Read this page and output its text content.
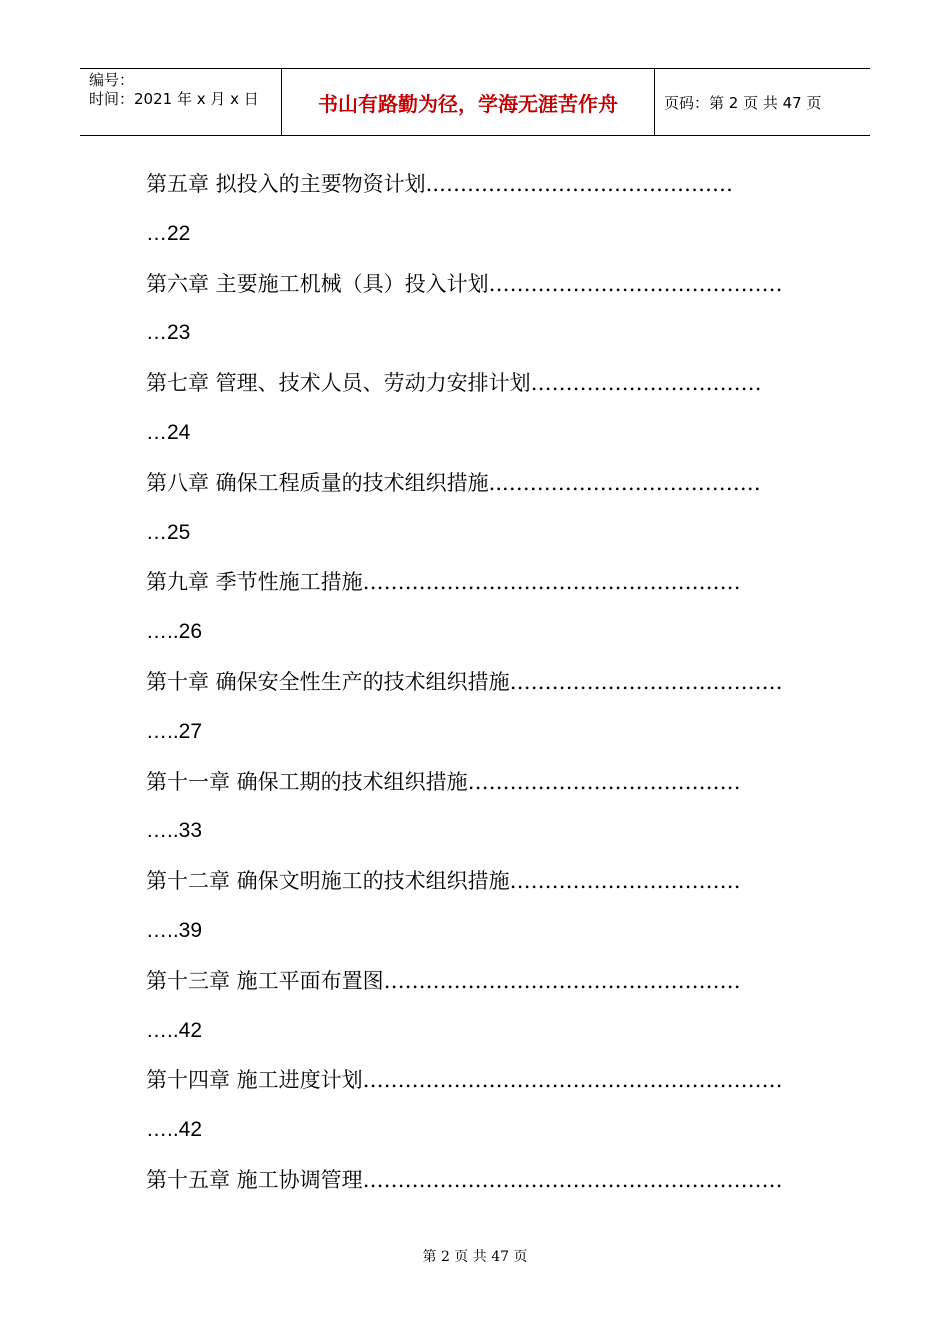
编号：
时间：2021 年 x 月 x 日	书山有路勤为径，学海无涯苦作舟	页码：第 2 页 共 47 页
第五章 拟投入的主要物资计划..……………………………………
…22
第六章 主要施工机械（具）投入计划……………………………………
…23
第七章 管理、技术人员、劳动力安排计划……………………………
…24
第八章 确保工程质量的技术组织措施...………………………………
…25
第九章 季节性施工措施………………………………………………
…..26
第十章 确保安全性生产的技术组织措施…………………………………
…..27
第十一章 确保工期的技术组织措施…………………………………
…..33
第十二章 确保文明施工的技术组织措施……………………………
…..39
第十三章 施工平面布置图……………………………………………
…..42
第十四章 施工进度计划……………………………………………………
…..42
第十五章 施工协调管理……………………………………………………
第 2 页 共 47 页
